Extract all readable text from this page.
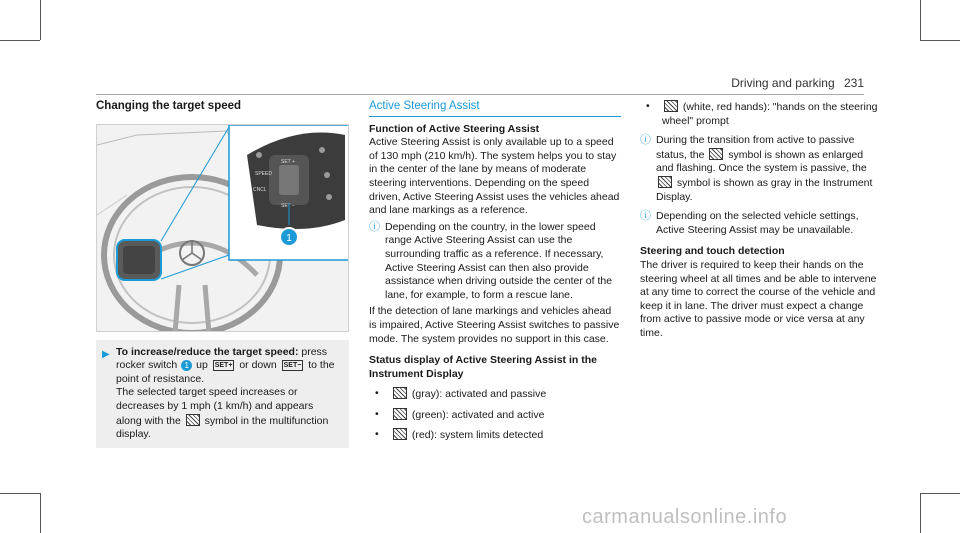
Driving and parking 231
Changing the target speed
SPEED
SET +
CNCL
SET −
1
▶ To increase/reduce the target speed: press rocker switch 1 up SET+ or down SET− to the point of resistance.

The selected target speed increases or decreases by 1 mph (1 km/h) and appears along with the  symbol in the multifunction display.

Active Steering Assist
Function of Active Steering Assist

Active Steering Assist is only available up to a speed of 130 mph (210 km/h). The system helps you to stay in the center of the lane by means of moderate steering interventions. Depending on the speed driven, Active Steering Assist uses the vehicles ahead and lane markings as a reference.

ⓘ Depending on the country, in the lower speed range Active Steering Assist can use the surrounding traffic as a reference. If necessary, Active Steering Assist can then also provide assistance when driving outside the center of the lane, for example, to form a rescue lane.

If the detection of lane markings and vehicles ahead is impaired, Active Steering Assist switches to passive mode. The system provides no support in this case.

Status display of Active Steering Assist in the Instrument Display
•	(gray): activated and passive
•	(green): activated and active
•	(red): system limits detected
•	(white, red hands): "hands on the steering wheel" prompt
ⓘ During the transition from active to passive status, the  symbol is shown as enlarged and flashing. Once the system is passive, the  symbol is shown as gray in the Instrument Display.
ⓘ Depending on the selected vehicle settings, Active Steering Assist may be unavailable.
Steering and touch detection

The driver is required to keep their hands on the steering wheel at all times and be able to intervene at any time to correct the course of the vehicle and keep it in lane. The driver must expect a change from active to passive mode or vice versa at any time.

carmanualsonline.info
